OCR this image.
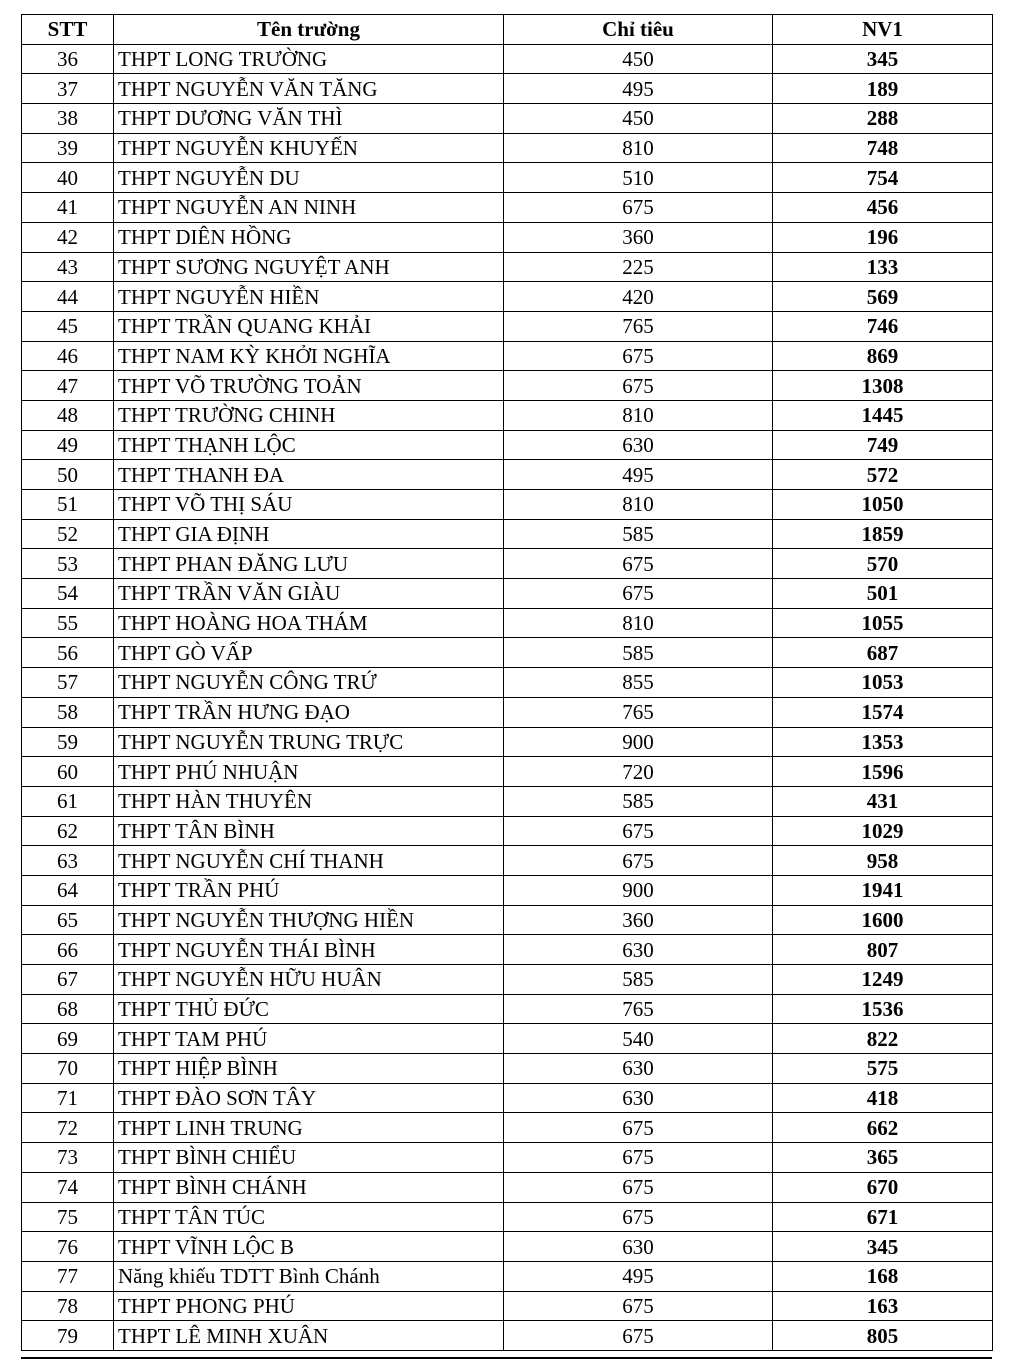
STT	Tên trường	Chỉ tiêu	NV1
36	THPT LONG TRƯỜNG	450	345
37	THPT NGUYỄN VĂN TĂNG	495	189
38	THPT DƯƠNG VĂN THÌ	450	288
39	THPT NGUYỄN KHUYẾN	810	748
40	THPT NGUYỄN DU	510	754
41	THPT NGUYỄN AN NINH	675	456
42	THPT DIÊN HỒNG	360	196
43	THPT SƯƠNG NGUYỆT ANH	225	133
44	THPT NGUYỄN HIỀN	420	569
45	THPT TRẦN QUANG KHẢI	765	746
46	THPT NAM KỲ KHỞI NGHĨA	675	869
47	THPT VÕ TRƯỜNG TOẢN	675	1308
48	THPT TRƯỜNG CHINH	810	1445
49	THPT THẠNH LỘC	630	749
50	THPT THANH ĐA	495	572
51	THPT VÕ THỊ SÁU	810	1050
52	THPT GIA ĐỊNH	585	1859
53	THPT PHAN ĐĂNG LƯU	675	570
54	THPT TRẦN VĂN GIÀU	675	501
55	THPT HOÀNG HOA THÁM	810	1055
56	THPT GÒ VẤP	585	687
57	THPT NGUYỄN CÔNG TRỨ	855	1053
58	THPT TRẦN HƯNG ĐẠO	765	1574
59	THPT NGUYỄN TRUNG TRỰC	900	1353
60	THPT PHÚ NHUẬN	720	1596
61	THPT HÀN THUYÊN	585	431
62	THPT TÂN BÌNH	675	1029
63	THPT NGUYỄN CHÍ THANH	675	958
64	THPT TRẦN PHÚ	900	1941
65	THPT NGUYỄN THƯỢNG HIỀN	360	1600
66	THPT NGUYỄN THÁI BÌNH	630	807
67	THPT NGUYỄN HỮU HUÂN	585	1249
68	THPT THỦ ĐỨC	765	1536
69	THPT TAM PHÚ	540	822
70	THPT HIỆP BÌNH	630	575
71	THPT ĐÀO SƠN TÂY	630	418
72	THPT LINH TRUNG	675	662
73	THPT BÌNH CHIỂU	675	365
74	THPT BÌNH CHÁNH	675	670
75	THPT TÂN TÚC	675	671
76	THPT VĨNH LỘC B	630	345
77	Năng khiếu TDTT Bình Chánh	495	168
78	THPT PHONG PHÚ	675	163
79	THPT LÊ MINH XUÂN	675	805
